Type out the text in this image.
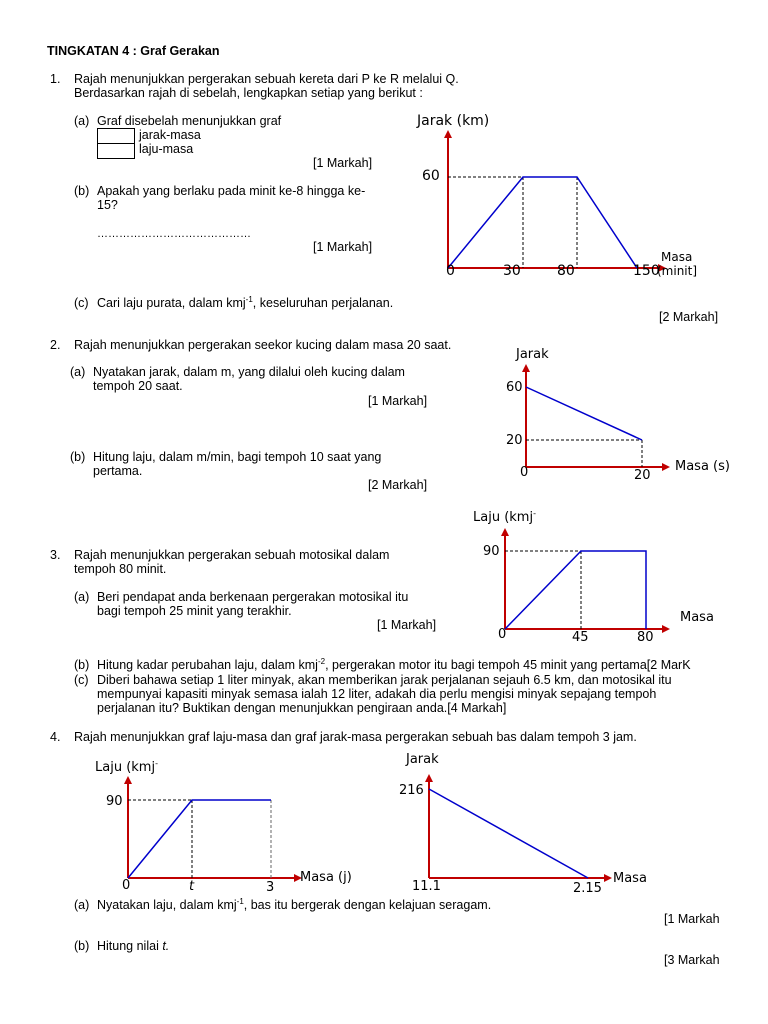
TINGKATAN 4 : Graf Gerakan
1. Rajah menunjukkan pergerakan sebuah kereta dari P ke R melalui Q.
Berdasarkan rajah di sebelah, lengkapkan setiap yang berikut :
(a) Graf disebelah menunjukkan graf
jarak-masa
laju-masa
[1 Markah]
(b) Apakah yang berlaku pada minit ke-8 hingga ke-
15?
……………………………………
[1 Markah]
(c) Cari laju purata, dalam kmj$^{-1}$, keseluruhan perjalanan.
[2 Markah]
Jarak (km)
60
0	30	80	150
Masa
(minit]
2. Rajah menunjukkan pergerakan seekor kucing dalam masa 20 saat.
(a) Nyatakan jarak, dalam m, yang dilalui oleh kucing dalam
tempoh 20 saat.
[1 Markah]
(b) Hitung laju, dalam m/min, bagi tempoh 10 saat yang
pertama.
[2 Markah]
Jarak
60
20
0	20
Masa (s)
3. Rajah menunjukkan pergerakan sebuah motosikal dalam
tempoh 80 minit.
(a) Beri pendapat anda berkenaan pergerakan motosikal itu
bagi tempoh 25 minit yang terakhir.
[1 Markah]
(b) Hitung kadar perubahan laju, dalam kmj$^{-2}$, pergerakan motor itu bagi tempoh 45 minit yang pertama[2 MarK
(c) Diberi bahawa setiap 1 liter minyak, akan memberikan jarak perjalanan sejauh 6.5 km, dan motosikal itu
mempunyai kapasiti minyak semasa ialah 12 liter, adakah dia perlu mengisi minyak sepajang tempoh
perjalanan itu? Buktikan dengan menunjukkan pengiraan anda.[4 Markah]
Laju (kmj-
90
0	45	80
Masa
4. Rajah menunjukkan graf laju-masa dan graf jarak-masa pergerakan sebuah bas dalam tempoh 3 jam.
Laju (kmj-
90
0	t	3
Masa (j)
Jarak
216
11.1	2.15
Masa
(a) Nyatakan laju, dalam kmj$^{-1}$, bas itu bergerak dengan kelajuan seragam.
[1 Markah
(b) Hitung nilai t.
[3 Markah
